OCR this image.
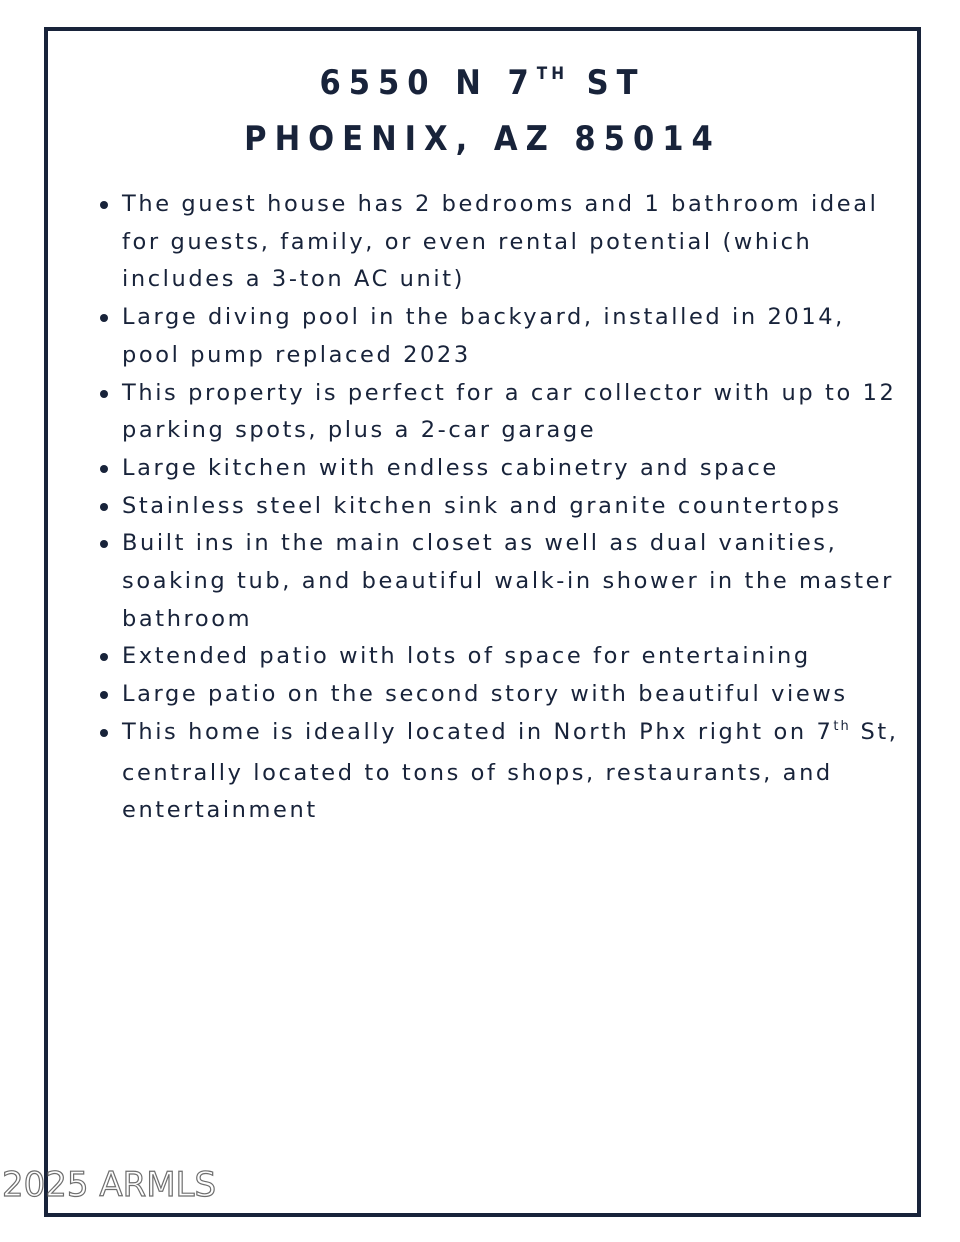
6550 N 7TH ST
PHOENIX, AZ 85014
The guest house has 2 bedrooms and 1 bathroom ideal for guests, family, or even rental potential (which includes a 3-ton AC unit)
Large diving pool in the backyard, installed in 2014, pool pump replaced 2023
This property is perfect for a car collector with up to 12 parking spots, plus a 2-car garage
Large kitchen with endless cabinetry and space
Stainless steel kitchen sink and granite countertops
Built ins in the main closet as well as dual vanities, soaking tub, and beautiful walk-in shower in the master bathroom
Extended patio with lots of space for entertaining
Large patio on the second story with beautiful views
This home is ideally located in North Phx right on 7th St, centrally located to tons of shops, restaurants, and entertainment
2025 ARMLS
